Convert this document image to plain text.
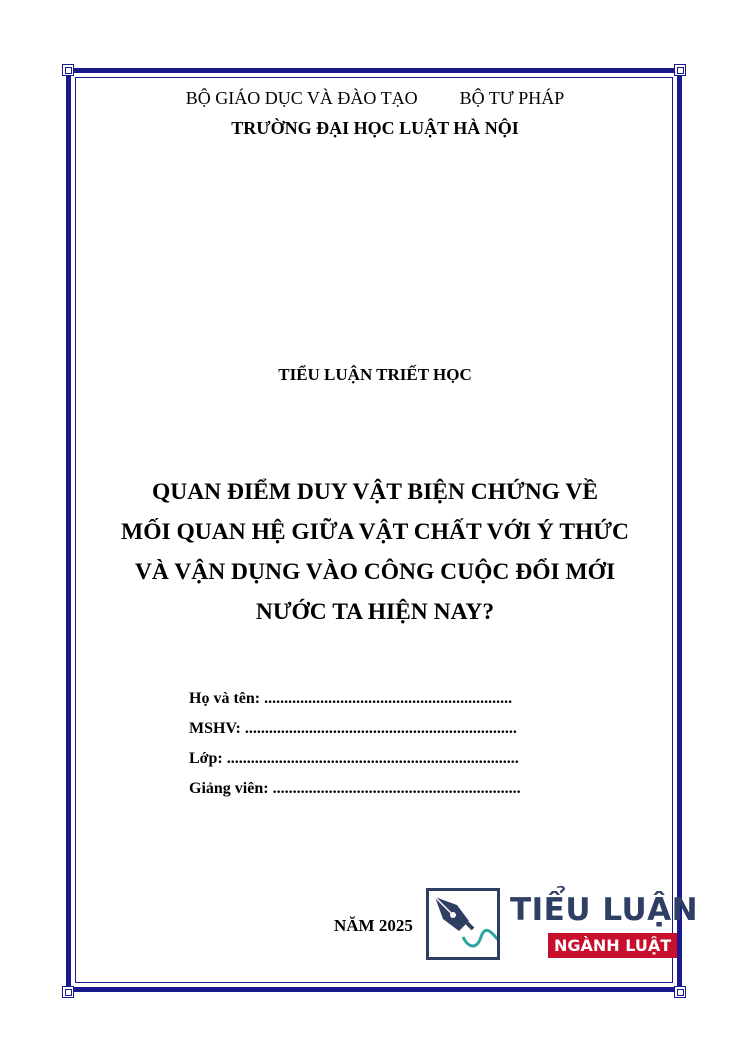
BỘ GIÁO DỤC VÀ ĐÀO TẠO BỘ TƯ PHÁP
TRƯỜNG ĐẠI HỌC LUẬT HÀ NỘI
TIỂU LUẬN TRIẾT HỌC
QUAN ĐIỂM DUY VẬT BIỆN CHỨNG VỀ
MỐI QUAN HỆ GIỮA VẬT CHẤT VỚI Ý THỨC
VÀ VẬN DỤNG VÀO CÔNG CUỘC ĐỔI MỚI
NƯỚC TA HIỆN NAY?
Họ và tên: ..............................................................
MSHV: ....................................................................
Lớp: .........................................................................
Giảng viên: ..............................................................
NĂM 2025	TIỂU LUẬN
NGÀNH LUẬT
